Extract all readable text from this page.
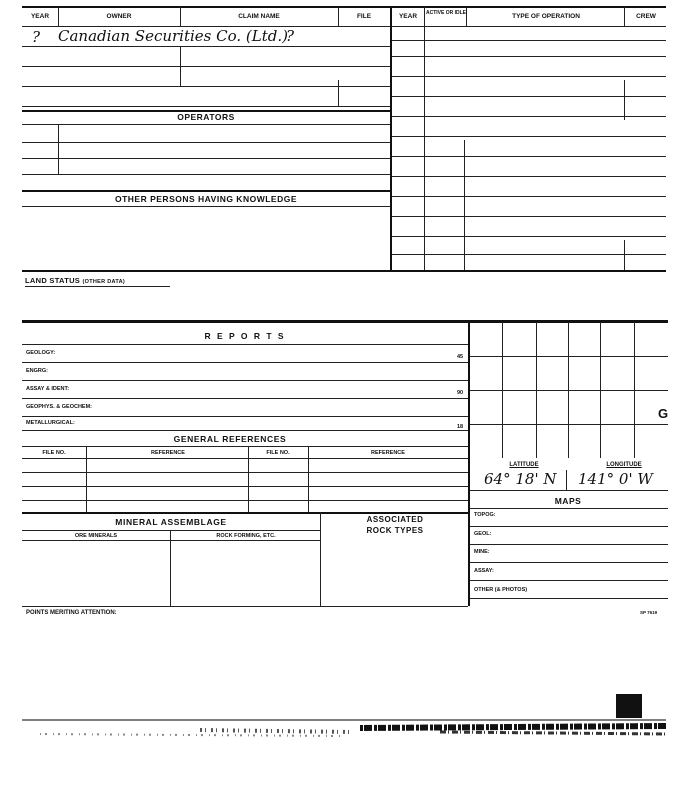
YEAR	OWNER	CLAIM NAME	FILE	YEAR	ACTIVE OR IDLE	TYPE OF OPERATION	CREW
? Canadian Securities Co. (Ltd.)
?
OPERATORS
OTHER PERSONS HAVING KNOWLEDGE
LAND STATUS (OTHER DATA)
R E P O R T S
GEOLOGY:
45
ENGRG:
ASSAY & IDENT:
90
GEOPHYS. & GEOCHEM:
METALLURGICAL:
18
GENERAL REFERENCES
FILE NO.	REFERENCE	FILE NO.	REFERENCE
MINERAL ASSEMBLAGE	ASSOCIATED
ROCK TYPES
ORE MINERALS	ROCK FORMING, ETC.
G
LATITUDE	LONGITUDE
64° 18' N 141° 0' W
MAPS
TOPOG:
GEOL:
MINE:
ASSAY:
OTHER (& PHOTOS)
POINTS MERITING ATTENTION:	SP 7619
